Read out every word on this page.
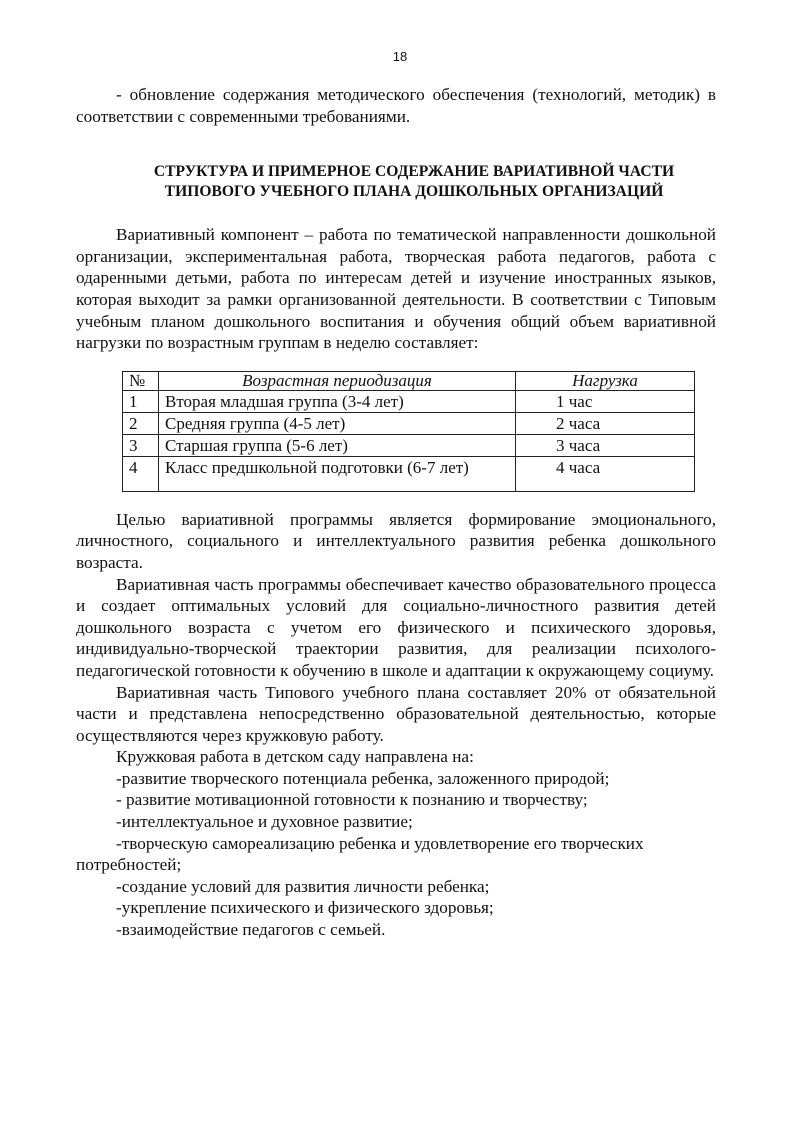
18

- обновление содержания методического обеспечения (технологий, методик) в соответствии с современными требованиями.

СТРУКТУРА И ПРИМЕРНОЕ СОДЕРЖАНИЕ ВАРИАТИВНОЙ ЧАСТИ
ТИПОВОГО УЧЕБНОГО ПЛАНА ДОШКОЛЬНЫХ ОРГАНИЗАЦИЙ

Вариативный компонент – работа по тематической направленности дошкольной организации, экспериментальная работа, творческая работа педагогов, работа с одаренными детьми, работа по интересам детей и изучение иностранных языков, которая выходит за рамки организованной деятельности. В соответствии с Типовым учебным планом дошкольного воспитания и обучения общий объем вариативной нагрузки по возрастным группам в неделю составляет:

№	Возрастная периодизация	Нагрузка
1	Вторая младшая группа (3-4 лет)	1 час
2	Средняя группа (4-5 лет)	2 часа
3	Старшая группа (5-6 лет)	3 часа
4	Класс предшкольной подготовки (6-7 лет)	4 часа

Целью вариативной программы является формирование эмоционального, личностного, социального и интеллектуального развития ребенка дошкольного возраста.

Вариативная часть программы обеспечивает качество образовательного процесса и создает оптимальных условий для социально-личностного развития детей дошкольного возраста с учетом его физического и психического здоровья, индивидуально-творческой траектории развития, для реализации психолого-педагогической готовности к обучению в школе и адаптации к окружающему социуму.

Вариативная часть Типового учебного плана составляет 20% от обязательной части и представлена непосредственно образовательной деятельностью, которые осуществляются через кружковую работу.

Кружковая работа в детском саду направлена на:

-развитие творческого потенциала ребенка, заложенного природой;

- развитие мотивационной готовности к познанию и творчеству;

-интеллектуальное и духовное развитие;

-творческую самореализацию ребенка и удовлетворение его творческих потребностей;

-создание условий для развития личности ребенка;

-укрепление психического и физического здоровья;

-взаимодействие педагогов с семьей.
